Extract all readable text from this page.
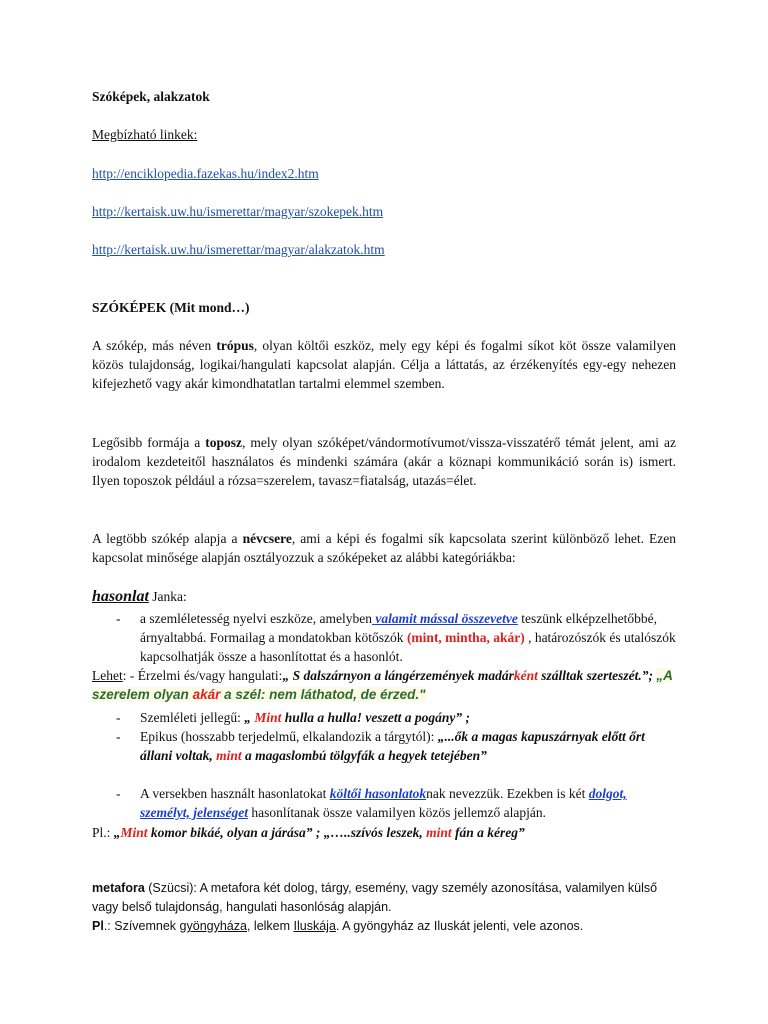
Szóképek, alakzatok
Megbízható linkek:
http://enciklopedia.fazekas.hu/index2.htm
http://kertaisk.uw.hu/ismerettar/magyar/szokepek.htm
http://kertaisk.uw.hu/ismerettar/magyar/alakzatok.htm
SZÓKÉPEK (Mit mond…)
A szókép, más néven trópus, olyan költői eszköz, mely egy képi és fogalmi síkot köt össze valamilyen közös tulajdonság, logikai/hangulati kapcsolat alapján. Célja a láttatás, az érzékenyítés egy-egy nehezen kifejezhető vagy akár kimondhatatlan tartalmi elemmel szemben.
Legősibb formája a toposz, mely olyan szóképet/vándormotívumot/vissza-visszatérő témát jelent, ami az irodalom kezdeteitől használatos és mindenki számára (akár a köznapi kommunikáció során is) ismert. Ilyen toposzok például a rózsa=szerelem, tavasz=fiatalság, utazás=élet.
A legtöbb szókép alapja a névcsere, ami a képi és fogalmi sík kapcsolata szerint különböző lehet. Ezen kapcsolat minősége alapján osztályozzuk a szóképeket az alábbi kategóriákba:
hasonlat Janka:
- a szemléletesség nyelvi eszköze, amelyben valamit mással összevetve teszünk elképzelhetőbbé, árnyaltabbá. Formailag a mondatokban kötőszók (mint, mintha, akár) , határozószók és utalószók kapcsolhatják össze a hasonlítottat és a hasonlót.
Lehet: - Érzelmi és/vagy hangulati:„ S dalszárnyon a lángérzemények madárként szálltak szerteszét.”; „A szerelem olyan akár a szél: nem láthatod, de érzed."
- Szemléleti jellegű: „ Mint hulla a hulla! veszett a pogány” ;
- Epikus (hosszabb terjedelmű, elkalandozik a tárgytól): „...ők a magas kapuszárnyak előtt őrt állani voltak, mint a magaslombú tölgyfák a hegyek tetejében”
- A versekben használt hasonlatokat költői hasonlatoknak nevezzük. Ezekben is két dolgot, személyt, jelenséget hasonlítanak össze valamilyen közös jellemző alapján.
Pl.: „Mint komor bikáé, olyan a járása” ; „…..szívós leszek, mint fán a kéreg”
metafora (Szücsi): A metafora két dolog, tárgy, esemény, vagy személy azonosítása, valamilyen külső vagy belső tulajdonság, hangulati hasonlóság alapján.
Pl.: Szívemnek gyöngyháza, lelkem Iluskája. A gyöngyház az Iluskát jelenti, vele azonos.
